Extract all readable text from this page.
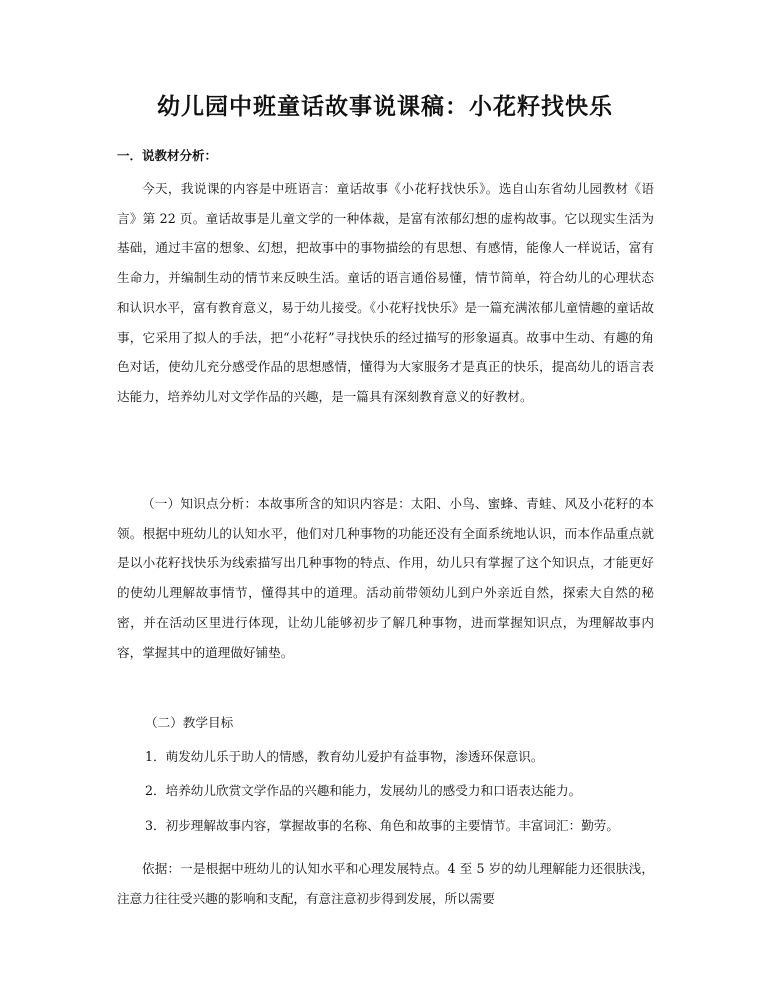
幼儿园中班童话故事说课稿：小花籽找快乐

一．说教材分析：

今天，我说课的内容是中班语言：童话故事《小花籽找快乐》。选自山东省幼儿园教材《语言》第 22 页。童话故事是儿童文学的一种体裁，是富有浓郁幻想的虚构故事。它以现实生活为基础，通过丰富的想象、幻想，把故事中的事物描绘的有思想、有感情，能像人一样说话，富有生命力，并编制生动的情节来反映生活。童话的语言通俗易懂，情节简单，符合幼儿的心理状态和认识水平，富有教育意义，易于幼儿接受。《小花籽找快乐》是一篇充满浓郁儿童情趣的童话故事，它采用了拟人的手法，把“小花籽”寻找快乐的经过描写的形象逼真。故事中生动、有趣的角色对话，使幼儿充分感受作品的思想感情，懂得为大家服务才是真正的快乐，提高幼儿的语言表达能力，培养幼儿对文学作品的兴趣，是一篇具有深刻教育意义的好教材。

（一）知识点分析：本故事所含的知识内容是：太阳、小鸟、蜜蜂、青蛙、风及小花籽的本领。根据中班幼儿的认知水平，他们对几种事物的功能还没有全面系统地认识，而本作品重点就是以小花籽找快乐为线索描写出几种事物的特点、作用，幼儿只有掌握了这个知识点，才能更好的使幼儿理解故事情节，懂得其中的道理。活动前带领幼儿到户外亲近自然，探索大自然的秘密，并在活动区里进行体现，让幼儿能够初步了解几种事物，进而掌握知识点，为理解故事内容，掌握其中的道理做好铺垫。

（二）教学目标

1．萌发幼儿乐于助人的情感，教育幼儿爱护有益事物，渗透环保意识。

2．培养幼儿欣赏文学作品的兴趣和能力，发展幼儿的感受力和口语表达能力。

3．初步理解故事内容，掌握故事的名称、角色和故事的主要情节。丰富词汇：勤劳。

依据：一是根据中班幼儿的认知水平和心理发展特点。4 至 5 岁的幼儿理解能力还很肤浅，注意力往往受兴趣的影响和支配，有意注意初步得到发展，所以需要
